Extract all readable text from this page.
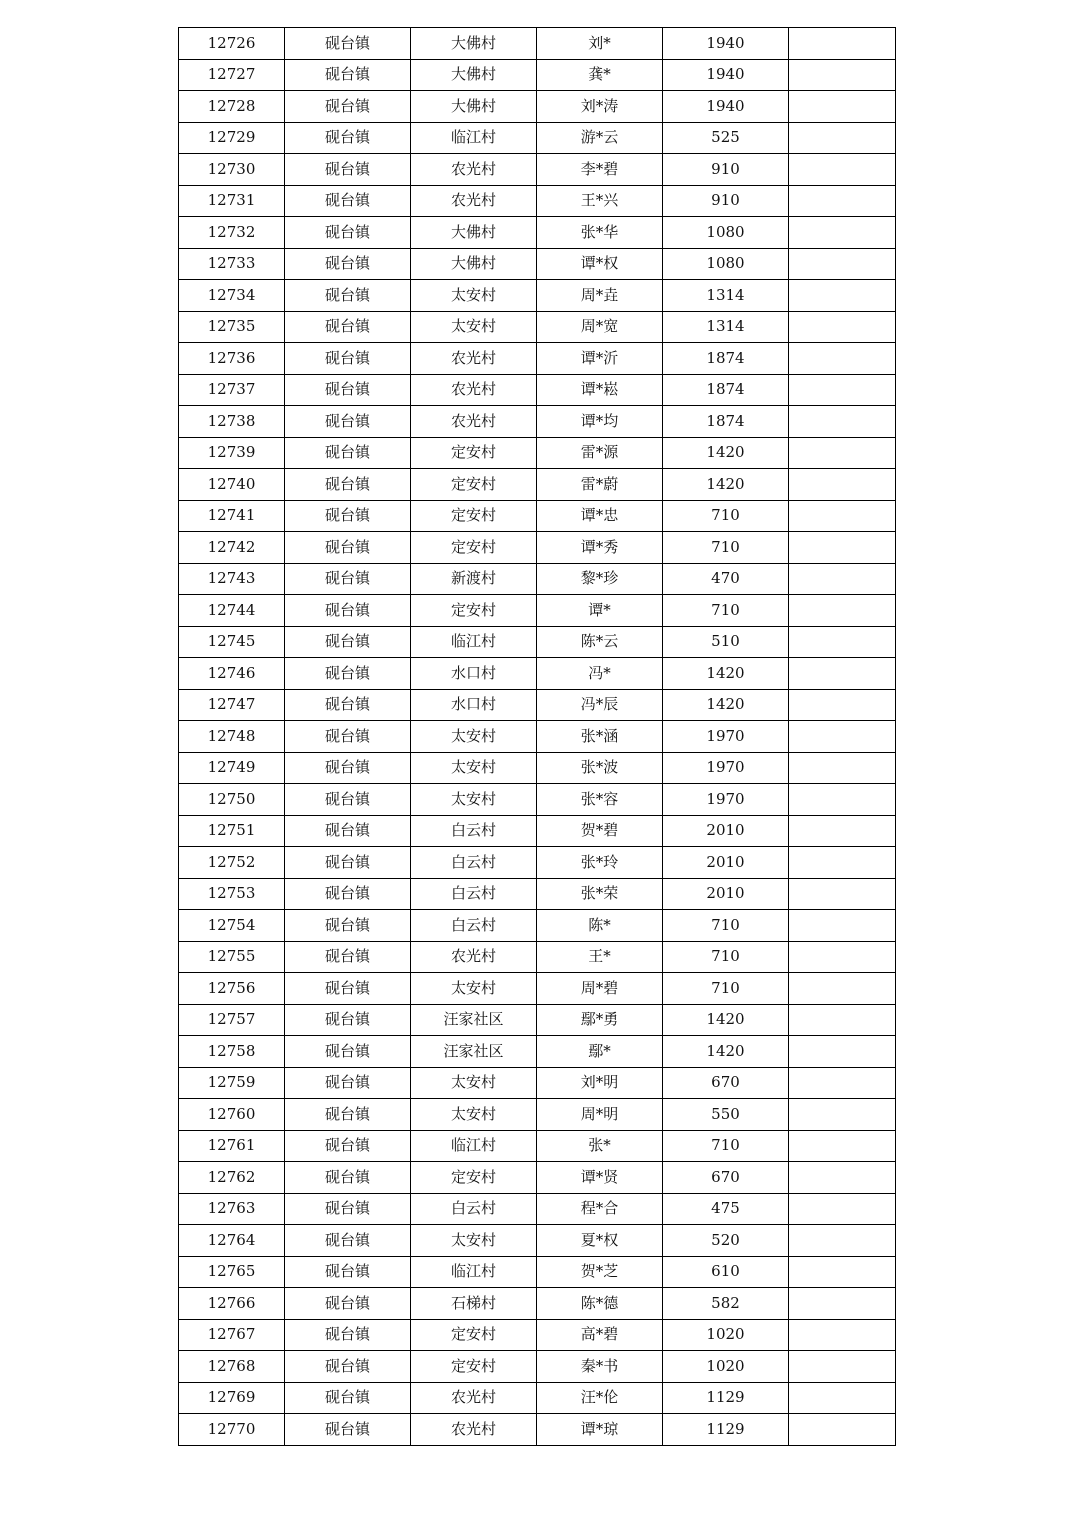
12726	砚台镇	大佛村	刘*	1940	
12727	砚台镇	大佛村	龚*	1940	
12728	砚台镇	大佛村	刘*涛	1940	
12729	砚台镇	临江村	游*云	525	
12730	砚台镇	农光村	李*碧	910	
12731	砚台镇	农光村	王*兴	910	
12732	砚台镇	大佛村	张*华	1080	
12733	砚台镇	大佛村	谭*权	1080	
12734	砚台镇	太安村	周*垚	1314	
12735	砚台镇	太安村	周*宽	1314	
12736	砚台镇	农光村	谭*沂	1874	
12737	砚台镇	农光村	谭*崧	1874	
12738	砚台镇	农光村	谭*均	1874	
12739	砚台镇	定安村	雷*源	1420	
12740	砚台镇	定安村	雷*蔚	1420	
12741	砚台镇	定安村	谭*忠	710	
12742	砚台镇	定安村	谭*秀	710	
12743	砚台镇	新渡村	黎*珍	470	
12744	砚台镇	定安村	谭*	710	
12745	砚台镇	临江村	陈*云	510	
12746	砚台镇	水口村	冯*	1420	
12747	砚台镇	水口村	冯*辰	1420	
12748	砚台镇	太安村	张*涵	1970	
12749	砚台镇	太安村	张*波	1970	
12750	砚台镇	太安村	张*容	1970	
12751	砚台镇	白云村	贺*碧	2010	
12752	砚台镇	白云村	张*玲	2010	
12753	砚台镇	白云村	张*荣	2010	
12754	砚台镇	白云村	陈*	710	
12755	砚台镇	农光村	王*	710	
12756	砚台镇	太安村	周*碧	710	
12757	砚台镇	汪家社区	鄢*勇	1420	
12758	砚台镇	汪家社区	鄢*	1420	
12759	砚台镇	太安村	刘*明	670	
12760	砚台镇	太安村	周*明	550	
12761	砚台镇	临江村	张*	710	
12762	砚台镇	定安村	谭*贤	670	
12763	砚台镇	白云村	程*合	475	
12764	砚台镇	太安村	夏*权	520	
12765	砚台镇	临江村	贺*芝	610	
12766	砚台镇	石梯村	陈*德	582	
12767	砚台镇	定安村	高*碧	1020	
12768	砚台镇	定安村	秦*书	1020	
12769	砚台镇	农光村	汪*伦	1129	
12770	砚台镇	农光村	谭*琼	1129	
